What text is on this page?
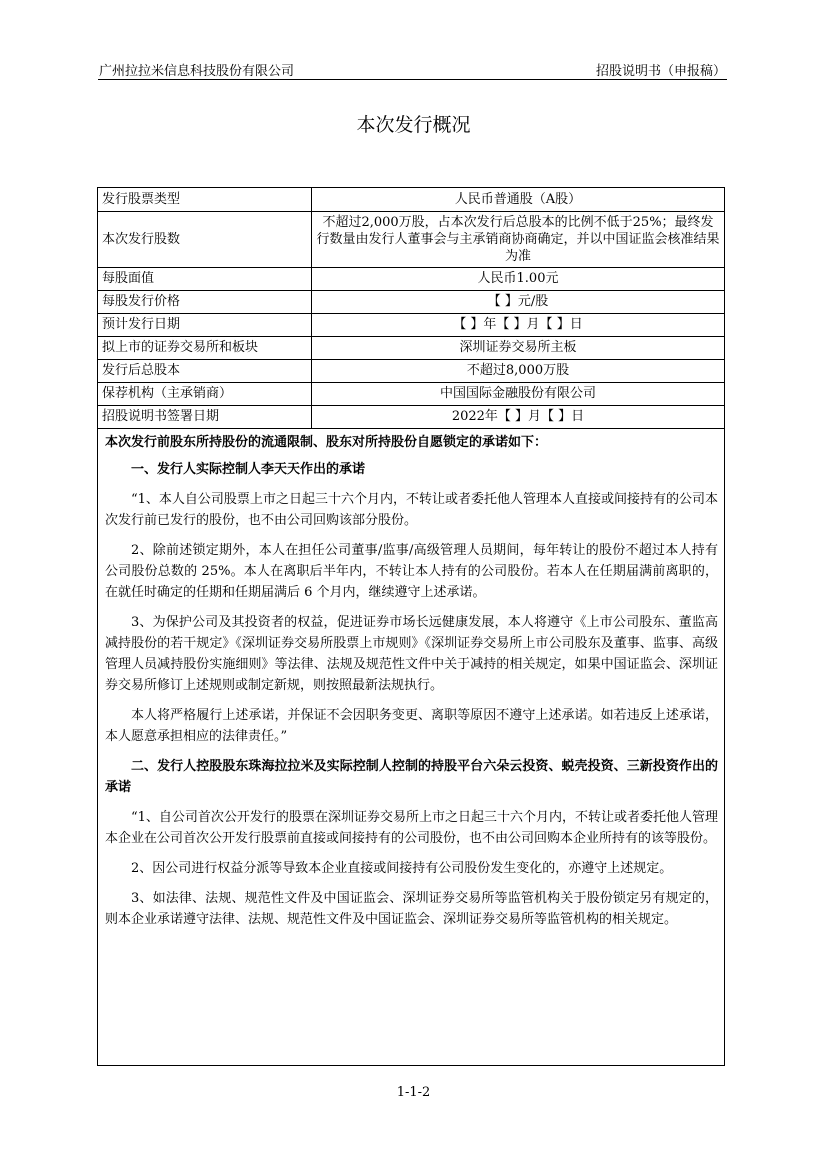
广州拉拉米信息科技股份有限公司	招股说明书（申报稿）
本次发行概况
发行股票类型	人民币普通股（A股）
本次发行股数	不超过2,000万股，占本次发行后总股本的比例不低于25%；最终发行数量由发行人董事会与主承销商协商确定，并以中国证监会核准结果为准
每股面值	人民币1.00元
每股发行价格	【 】元/股
预计发行日期	【 】年【 】月【 】日
拟上市的证券交易所和板块	深圳证券交易所主板
发行后总股本	不超过8,000万股
保荐机构（主承销商）	中国国际金融股份有限公司
招股说明书签署日期	2022年【 】月【 】日

本次发行前股东所持股份的流通限制、股东对所持股份自愿锁定的承诺如下：

一、发行人实际控制人李天天作出的承诺

“1、本人自公司股票上市之日起三十六个月内，不转让或者委托他人管理本人直接或间接持有的公司本次发行前已发行的股份，也不由公司回购该部分股份。

2、除前述锁定期外，本人在担任公司董事/监事/高级管理人员期间，每年转让的股份不超过本人持有公司股份总数的 25%。本人在离职后半年内，不转让本人持有的公司股份。若本人在任期届满前离职的，在就任时确定的任期和任期届满后 6 个月内，继续遵守上述承诺。

3、为保护公司及其投资者的权益，促进证券市场长远健康发展，本人将遵守《上市公司股东、董监高减持股份的若干规定》《深圳证券交易所股票上市规则》《深圳证券交易所上市公司股东及董事、监事、高级管理人员减持股份实施细则》等法律、法规及规范性文件中关于减持的相关规定，如果中国证监会、深圳证券交易所修订上述规则或制定新规，则按照最新法规执行。

本人将严格履行上述承诺，并保证不会因职务变更、离职等原因不遵守上述承诺。如若违反上述承诺，本人愿意承担相应的法律责任。”

二、发行人控股股东珠海拉拉米及实际控制人控制的持股平台六朵云投资、蜕壳投资、三新投资作出的承诺

“1、自公司首次公开发行的股票在深圳证券交易所上市之日起三十六个月内，不转让或者委托他人管理本企业在公司首次公开发行股票前直接或间接持有的公司股份，也不由公司回购本企业所持有的该等股份。

2、因公司进行权益分派等导致本企业直接或间接持有公司股份发生变化的，亦遵守上述规定。

3、如法律、法规、规范性文件及中国证监会、深圳证券交易所等监管机构关于股份锁定另有规定的，则本企业承诺遵守法律、法规、规范性文件及中国证监会、深圳证券交易所等监管机构的相关规定。

1-1-2
